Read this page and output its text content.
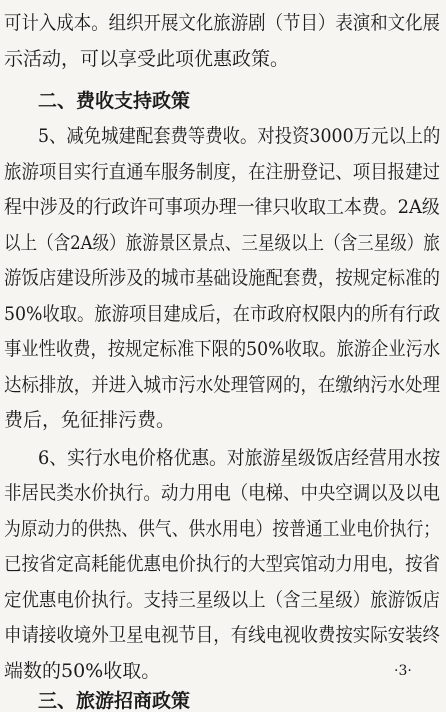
可计入成本。组织开展文化旅游剧（节目）表演和文化展
示活动，可以享受此项优惠政策。
二、费收支持政策
5、减免城建配套费等费收。对投资3000万元以上的
旅游项目实行直通车服务制度，在注册登记、项目报建过
程中涉及的行政许可事项办理一律只收取工本费。2A级
以上（含2A级）旅游景区景点、三星级以上（含三星级）旅
游饭店建设所涉及的城市基础设施配套费，按规定标准的
50%收取。旅游项目建成后，在市政府权限内的所有行政
事业性收费，按规定标准下限的50%收取。旅游企业污水
达标排放，并进入城市污水处理管网的，在缴纳污水处理
费后，免征排污费。
6、实行水电价格优惠。对旅游星级饭店经营用水按
非居民类水价执行。动力用电（电梯、中央空调以及以电
为原动力的供热、供气、供水用电）按普通工业电价执行；
已按省定高耗能优惠电价执行的大型宾馆动力用电，按省
定优惠电价执行。支持三星级以上（含三星级）旅游饭店
申请接收境外卫星电视节目，有线电视收费按实际安装终
端数的50%收取。
三、旅游招商政策
·3·
